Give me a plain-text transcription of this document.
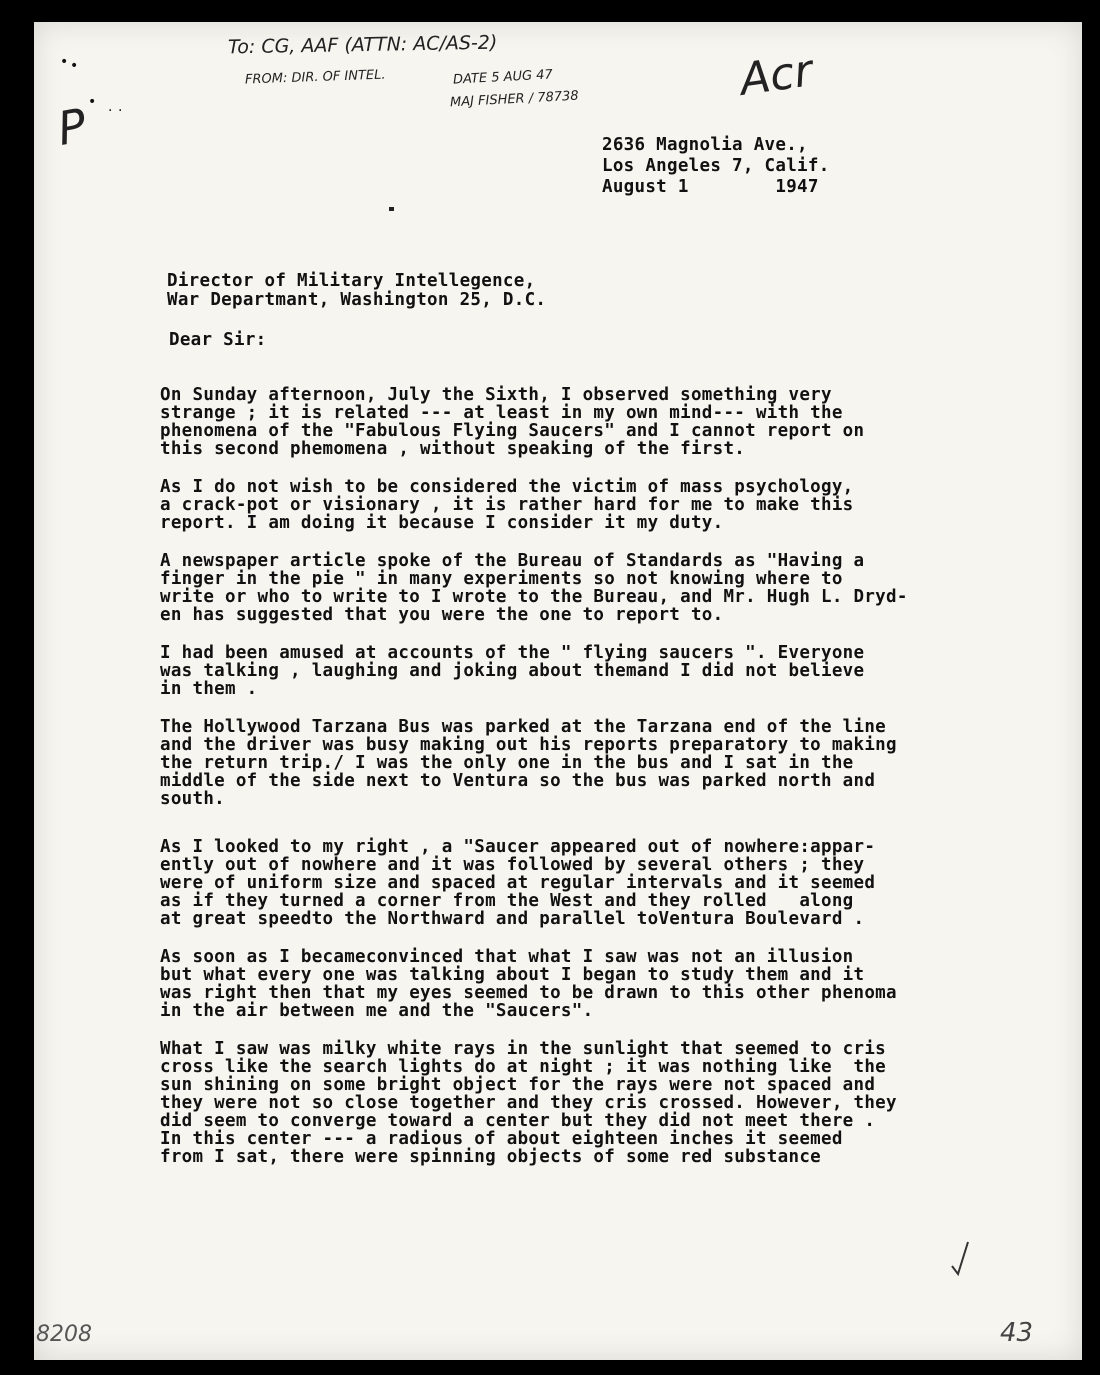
To: CG, AAF (ATTN: AC/AS-2)
FROM: DIR. OF INTEL.	DATE 5 AUG 47
MAJ FISHER / 78738	Acr
P
• •
• . .
2636 Magnolia Ave.,
Los Angeles 7, Calif.
August 1        1947
Director of Military Intellegence,
War Departmant, Washington 25, D.C.
Dear Sir:
On Sunday afternoon, July the Sixth, I observed something very
strange ; it is related --- at least in my own mind--- with the
phenomena of the "Fabulous Flying Saucers" and I cannot report on
this second phemomena , without speaking of the first.
As I do not wish to be considered the victim of mass psychology,
a crack-pot or visionary , it is rather hard for me to make this
report. I am doing it because I consider it my duty.
A newspaper article spoke of the Bureau of Standards as "Having a
finger in the pie " in many experiments so not knowing where to
write or who to write to I wrote to the Bureau, and Mr. Hugh L. Dryd-
en has suggested that you were the one to report to.
I had been amused at accounts of the " flying saucers ". Everyone
was talking , laughing and joking about themand I did not believe
in them .
The Hollywood Tarzana Bus was parked at the Tarzana end of the line
and the driver was busy making out his reports preparatory to making
the return trip./ I was the only one in the bus and I sat in the
middle of the side next to Ventura so the bus was parked north and
south.
As I looked to my right , a "Saucer appeared out of nowhere:appar-
ently out of nowhere and it was followed by several others ; they
were of uniform size and spaced at regular intervals and it seemed
as if they turned a corner from the West and they rolled   along
at great speedto the Northward and parallel toVentura Boulevard .
As soon as I becameconvinced that what I saw was not an illusion
but what every one was talking about I began to study them and it
was right then that my eyes seemed to be drawn to this other phenoma
in the air between me and the "Saucers".
What I saw was milky white rays in the sunlight that seemed to cris
cross like the search lights do at night ; it was nothing like  the
sun shining on some bright object for the rays were not spaced and
they were not so close together and they cris crossed. However, they
did seem to converge toward a center but they did not meet there .
In this center --- a radious of about eighteen inches it seemed
from I sat, there were spinning objects of some red substance
8208	43
